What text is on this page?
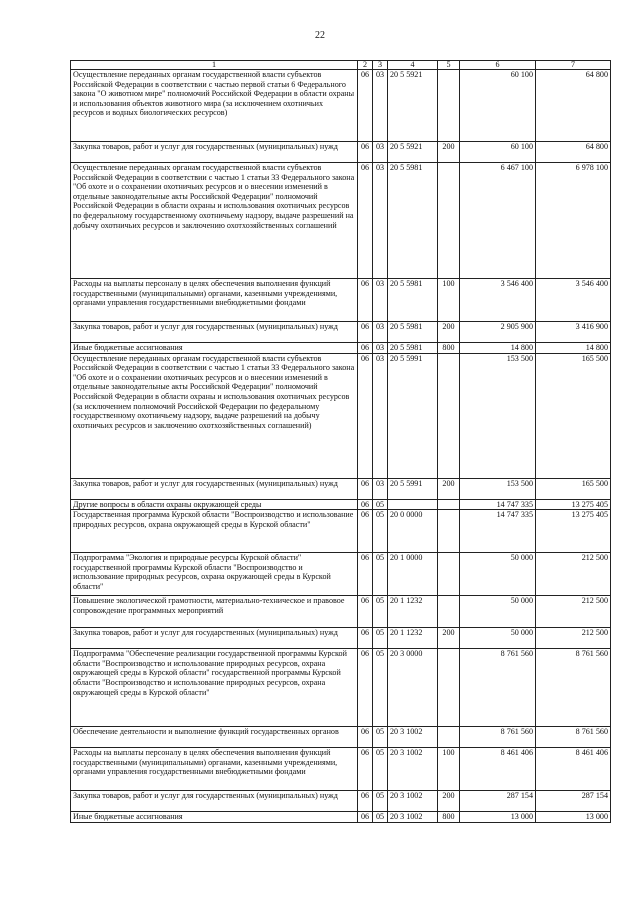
22
1	2	3	4	5	6	7
Осуществление переданных органам государственной власти субъектов Российской Федерации в соответствии с частью первой статьи 6 Федерального закона "О животном мире" полномочий Российской Федерации в области охраны и использования объектов животного мира (за исключением охотничьих ресурсов и водных биологических ресурсов)	06	03	20 5 5921		60 100	64 800
Закупка товаров, работ и услуг для государственных (муниципальных) нужд	06	03	20 5 5921	200	60 100	64 800
Осуществление переданных органам государственной власти субъектов Российской Федерации в соответствии с частью 1 статьи 33 Федерального закона "Об охоте и о сохранении охотничьих ресурсов и о внесении изменений в отдельные законодательные акты Российской Федерации" полномочий Российской Федерации в области охраны и использования охотничьих ресурсов по федеральному государственному охотничьему надзору, выдаче разрешений на добычу охотничьих ресурсов и заключению охотхозяйственных соглашений	06	03	20 5 5981		6 467 100	6 978 100
Расходы на выплаты персоналу в целях обеспечения выполнения функций государственными (муниципальными) органами, казенными учреждениями, органами управления государственными внебюджетными фондами	06	03	20 5 5981	100	3 546 400	3 546 400
Закупка товаров, работ и услуг для государственных (муниципальных) нужд	06	03	20 5 5981	200	2 905 900	3 416 900
Иные бюджетные ассигнования	06	03	20 5 5981	800	14 800	14 800
Осуществление переданных органам государственной власти субъектов Российской Федерации в соответствии с частью 1 статьи 33 Федерального закона "Об охоте и о сохранении охотничьих ресурсов и о внесении изменений в отдельные законодательные акты Российской Федерации" полномочий Российской Федерации в области охраны и использования охотничьих ресурсов (за исключением полномочий Российской Федерации по федеральному государственному охотничьему надзору, выдаче разрешений на добычу охотничьих ресурсов и заключению охотхозяйственных соглашений)	06	03	20 5 5991		153 500	165 500
Закупка товаров, работ и услуг для государственных (муниципальных) нужд	06	03	20 5 5991	200	153 500	165 500
Другие вопросы в области охраны окружающей среды	06	05			14 747 335	13 275 405
Государственная программа Курской области "Воспроизводство и использование природных ресурсов, охрана окружающей среды в Курской области"	06	05	20 0 0000		14 747 335	13 275 405
Подпрограмма "Экология и природные ресурсы Курской области" государственной программы Курской области "Воспроизводство и использование природных ресурсов, охрана окружающей среды в Курской области"	06	05	20 1 0000		50 000	212 500
Повышение экологической грамотности, материально-техническое и правовое сопровождение программных мероприятий	06	05	20 1 1232		50 000	212 500
Закупка товаров, работ и услуг для государственных (муниципальных) нужд	06	05	20 1 1232	200	50 000	212 500
Подпрограмма "Обеспечение реализации государственной программы Курской области "Воспроизводство и использование природных ресурсов, охрана окружающей среды в Курской области" государственной программы Курской области "Воспроизводство и использование природных ресурсов, охрана окружающей среды в Курской области"	06	05	20 3 0000		8 761 560	8 761 560
Обеспечение деятельности и выполнение функций государственных органов	06	05	20 3 1002		8 761 560	8 761 560
Расходы на выплаты персоналу в целях обеспечения выполнения функций государственными (муниципальными) органами, казенными учреждениями, органами управления государственными внебюджетными фондами	06	05	20 3 1002	100	8 461 406	8 461 406
Закупка товаров, работ и услуг для государственных (муниципальных) нужд	06	05	20 3 1002	200	287 154	287 154
Иные бюджетные ассигнования	06	05	20 3 1002	800	13 000	13 000
